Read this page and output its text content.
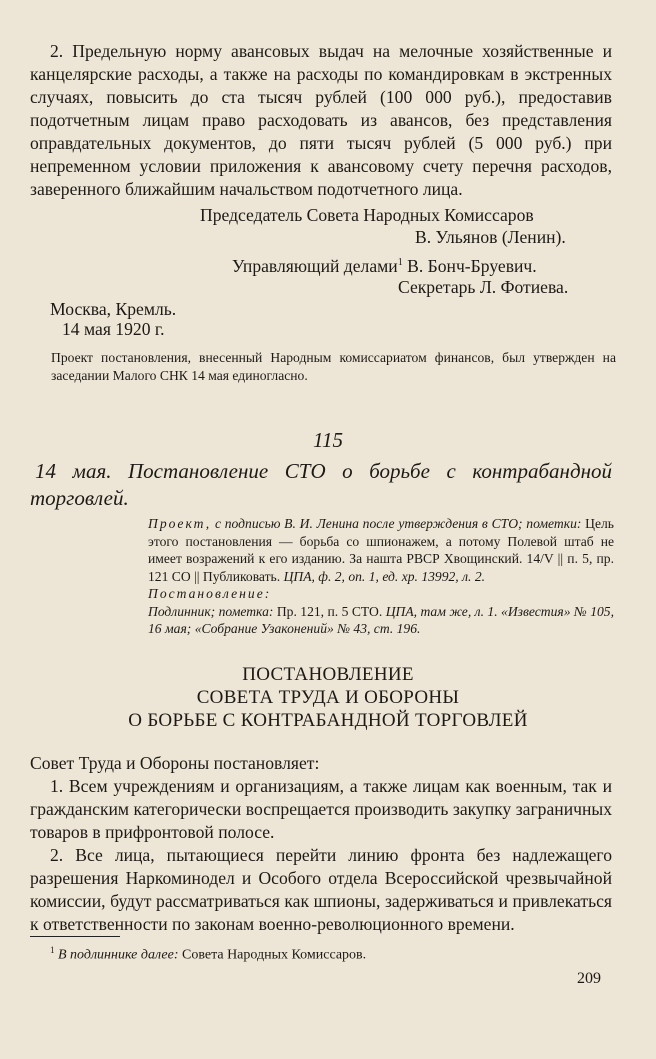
2. Предельную норму авансовых выдач на мелочные хозяйственные и канцелярские расходы, а также на расходы по командировкам в экстренных случаях, повысить до ста тысяч рублей (100 000 руб.), предоставив подотчетным лицам право расходовать из авансов, без представления оправдательных документов, до пяти тысяч рублей (5 000 руб.) при непременном условии приложения к авансовому счету перечня расходов, заверенного ближайшим начальством подотчетного лица.

Председатель Совета Народных Комиссаров

В. Ульянов (Ленин).

Управляющий делами$^1$ В. Бонч-Бруевич.

Секретарь Л. Фотиева.

Москва, Кремль.

14 мая 1920 г.

Проект постановления, внесенный Народным комиссариатом финансов, был утвержден на заседании Малого СНК 14 мая единогласно.

115

14 мая. Постановление СТО о борьбе с контрабандной торговлей.

Проект, с подписью В. И. Ленина после утверждения в СТО; пометки: Цель этого постановления — борьба со шпионажем, а потому Полевой штаб не имеет возражений к его изданию. За нашта РВСР Хвощинский. 14/V || п. 5, пр. 121 СО || Публиковать. ЦПА, ф. 2, оп. 1, ед. хр. 13992, л. 2.

Постановление:
Подлинник; пометка: Пр. 121, п. 5 СТО. ЦПА, там же, л. 1. «Известия» № 105, 16 мая; «Собрание Узаконений» № 43, ст. 196.

ПОСТАНОВЛЕНИЕ

СОВЕТА ТРУДА И ОБОРОНЫ

О БОРЬБЕ С КОНТРАБАНДНОЙ ТОРГОВЛЕЙ

Совет Труда и Обороны постановляет:

1. Всем учреждениям и организациям, а также лицам как военным, так и гражданским категорически воспрещается производить закупку заграничных товаров в прифронтовой полосе.

2. Все лица, пытающиеся перейти линию фронта без надлежащего разрешения Наркоминодел и Особого отдела Всероссийской чрезвычайной комиссии, будут рассматриваться как шпионы, задерживаться и привлекаться к ответственности по законам военно-революционного времени.

$^1$ В подлиннике далее: Совета Народных Комиссаров.

209
